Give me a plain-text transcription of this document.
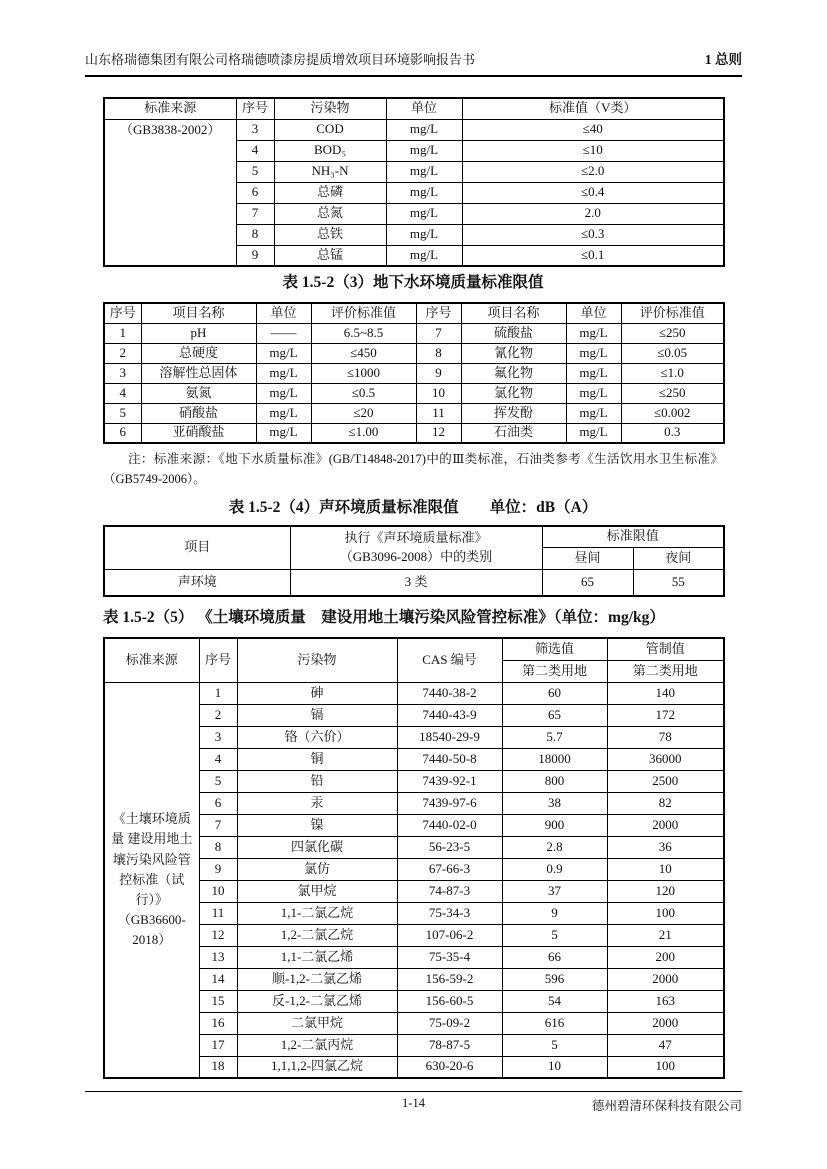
山东格瑞德集团有限公司格瑞德喷漆房提质增效项目环境影响报告书	1 总则
标准来源	序号	污染物	单位	标准值（V类）
（GB3838-2002）	3	COD	mg/L	≤40
	4	BOD₅	mg/L	≤10
	5	NH₃-N	mg/L	≤2.0
	6	总磷	mg/L	≤0.4
	7	总氮	mg/L	2.0
	8	总铁	mg/L	≤0.3
	9	总锰	mg/L	≤0.1
表 1.5-2（3）地下水环境质量标准限值
序号	项目名称	单位	评价标准值	序号	项目名称	单位	评价标准值
1	pH	——	6.5~8.5	7	硫酸盐	mg/L	≤250
2	总硬度	mg/L	≤450	8	氰化物	mg/L	≤0.05
3	溶解性总固体	mg/L	≤1000	9	氟化物	mg/L	≤1.0
4	氨氮	mg/L	≤0.5	10	氯化物	mg/L	≤250
5	硝酸盐	mg/L	≤20	11	挥发酚	mg/L	≤0.002
6	亚硝酸盐	mg/L	≤1.00	12	石油类	mg/L	0.3
注：标准来源：《地下水质量标准》(GB/T14848-2017)中的Ⅲ类标准，石油类参考《生活饮用水卫生标准》（GB5749-2006）。
表 1.5-2（4）声环境质量标准限值　　单位：dB（A）
项目	执行《声环境质量标准》
（GB3096-2008）中的类别	标准限值	
		昼间	夜间
声环境	3 类	65	55
表 1.5-2（5） 《土壤环境质量　建设用地土壤污染风险管控标准》（单位：mg/kg）
标准来源	序号	污染物	CAS 编号	筛选值	管制值
				第二类用地	第二类用地
《土壤环境质量 建设用地土壤污染风险管控标准（试行）》（GB36600-2018）	1	砷	7440-38-2	60	140
	2	镉	7440-43-9	65	172
	3	铬（六价）	18540-29-9	5.7	78
	4	铜	7440-50-8	18000	36000
	5	铅	7439-92-1	800	2500
	6	汞	7439-97-6	38	82
	7	镍	7440-02-0	900	2000
	8	四氯化碳	56-23-5	2.8	36
	9	氯仿	67-66-3	0.9	10
	10	氯甲烷	74-87-3	37	120
	11	1,1-二氯乙烷	75-34-3	9	100
	12	1,2-二氯乙烷	107-06-2	5	21
	13	1,1-二氯乙烯	75-35-4	66	200
	14	顺-1,2-二氯乙烯	156-59-2	596	2000
	15	反-1,2-二氯乙烯	156-60-5	54	163
	16	二氯甲烷	75-09-2	616	2000
	17	1,2-二氯丙烷	78-87-5	5	47
	18	1,1,1,2-四氯乙烷	630-20-6	10	100
1-14	德州碧清环保科技有限公司
